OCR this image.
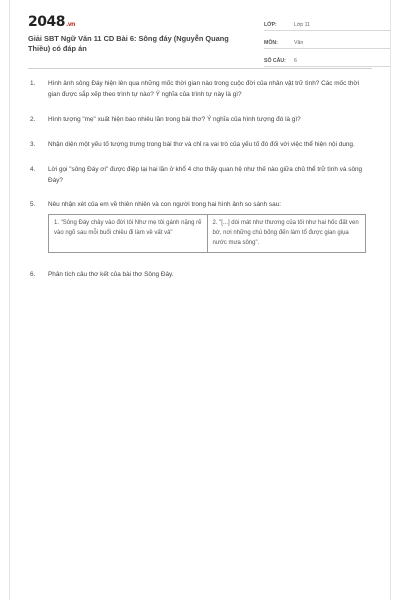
2048.vn
Giải SBT Ngữ Văn 11 CD Bài 6: Sông đáy (Nguyễn Quang Thiều) có đáp án
LỚP:	Lớp 11
MÔN:	Văn
SỐ CÂU:	6
1.	Hình ảnh sông Đáy hiện lên qua những mốc thời gian nào trong cuộc đời của nhân vật trữ tình? Các mốc thời gian được sắp xếp theo trình tự nào? Ý nghĩa của trình tự này là gì?
2.	Hình tượng "mẹ" xuất hiện bao nhiêu lần trong bài thơ? Ý nghĩa của hình tượng đó là gì?
3.	Nhận diện một yếu tố tượng trưng trong bài thơ và chỉ ra vai trò của yếu tố đó đối với việc thể hiện nội dung.
4.	Lời gọi "sông Đáy ơi" được điệp lại hai lần ở khổ 4 cho thấy quan hệ như thế nào giữa chủ thể trữ tình và sông Đáy?
5.	Nêu nhận xét của em về thiên nhiên và con người trong hai hình ảnh so sánh sau:
1. "Sông Đáy chảy vào đời tôi Như mẹ tôi gánh nặng rẽ vào ngõ sau mỗi buổi chiều đi làm về vất vả"	2. "[...] dòi mát như thương của tôi như hai hốc đất ven bờ, nơi những chú bống đến làm tổ được gian giụa nước mưa sông".
6.	Phân tích câu thơ kết của bài thơ Sông Đáy.
